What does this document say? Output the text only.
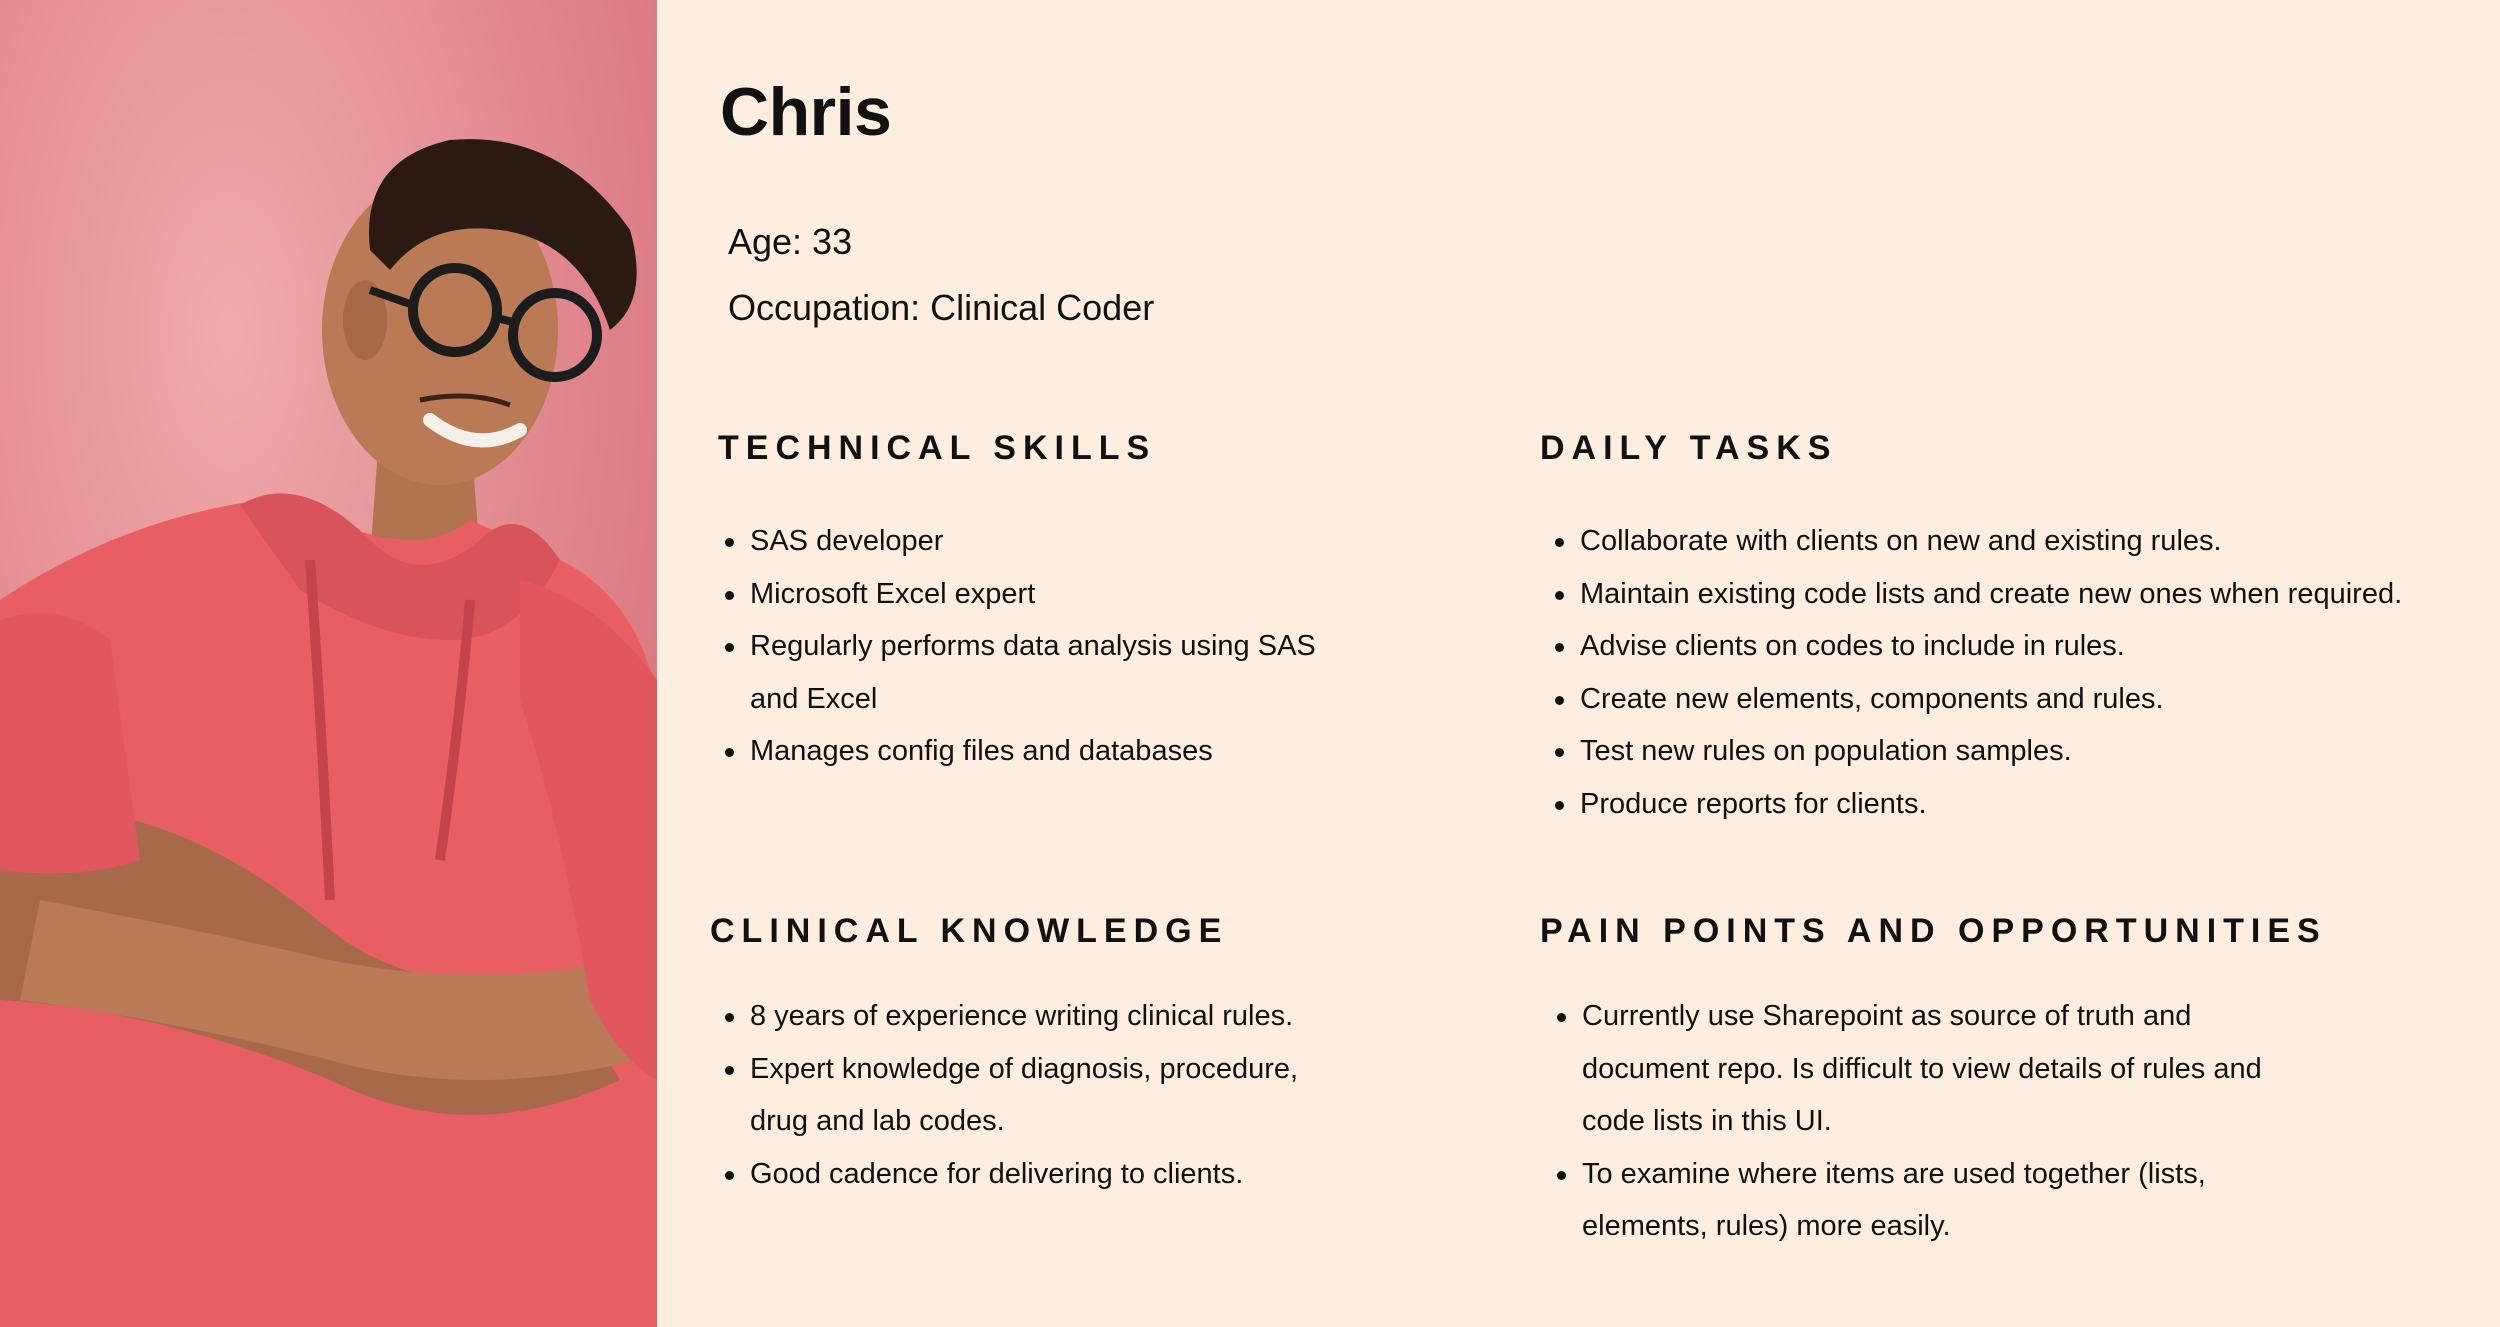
Chris
Age: 33
Occupation: Clinical Coder
TECHNICAL SKILLS
SAS developer
Microsoft Excel expert
Regularly performs data analysis using SAS
and Excel
Manages config files and databases
DAILY TASKS
Collaborate with clients on new and existing rules.
Maintain existing code lists and create new ones when required.
Advise clients on codes to include in rules.
Create new elements, components and rules.
Test new rules on population samples.
Produce reports for clients.
CLINICAL KNOWLEDGE
8 years of experience writing clinical rules.
Expert knowledge of diagnosis, procedure,
drug and lab codes.
Good cadence for delivering to clients.
PAIN POINTS AND OPPORTUNITIES
Currently use Sharepoint as source of truth and
document repo. Is difficult to view details of rules and
code lists in this UI.
To examine where items are used together (lists,
elements, rules) more easily.
